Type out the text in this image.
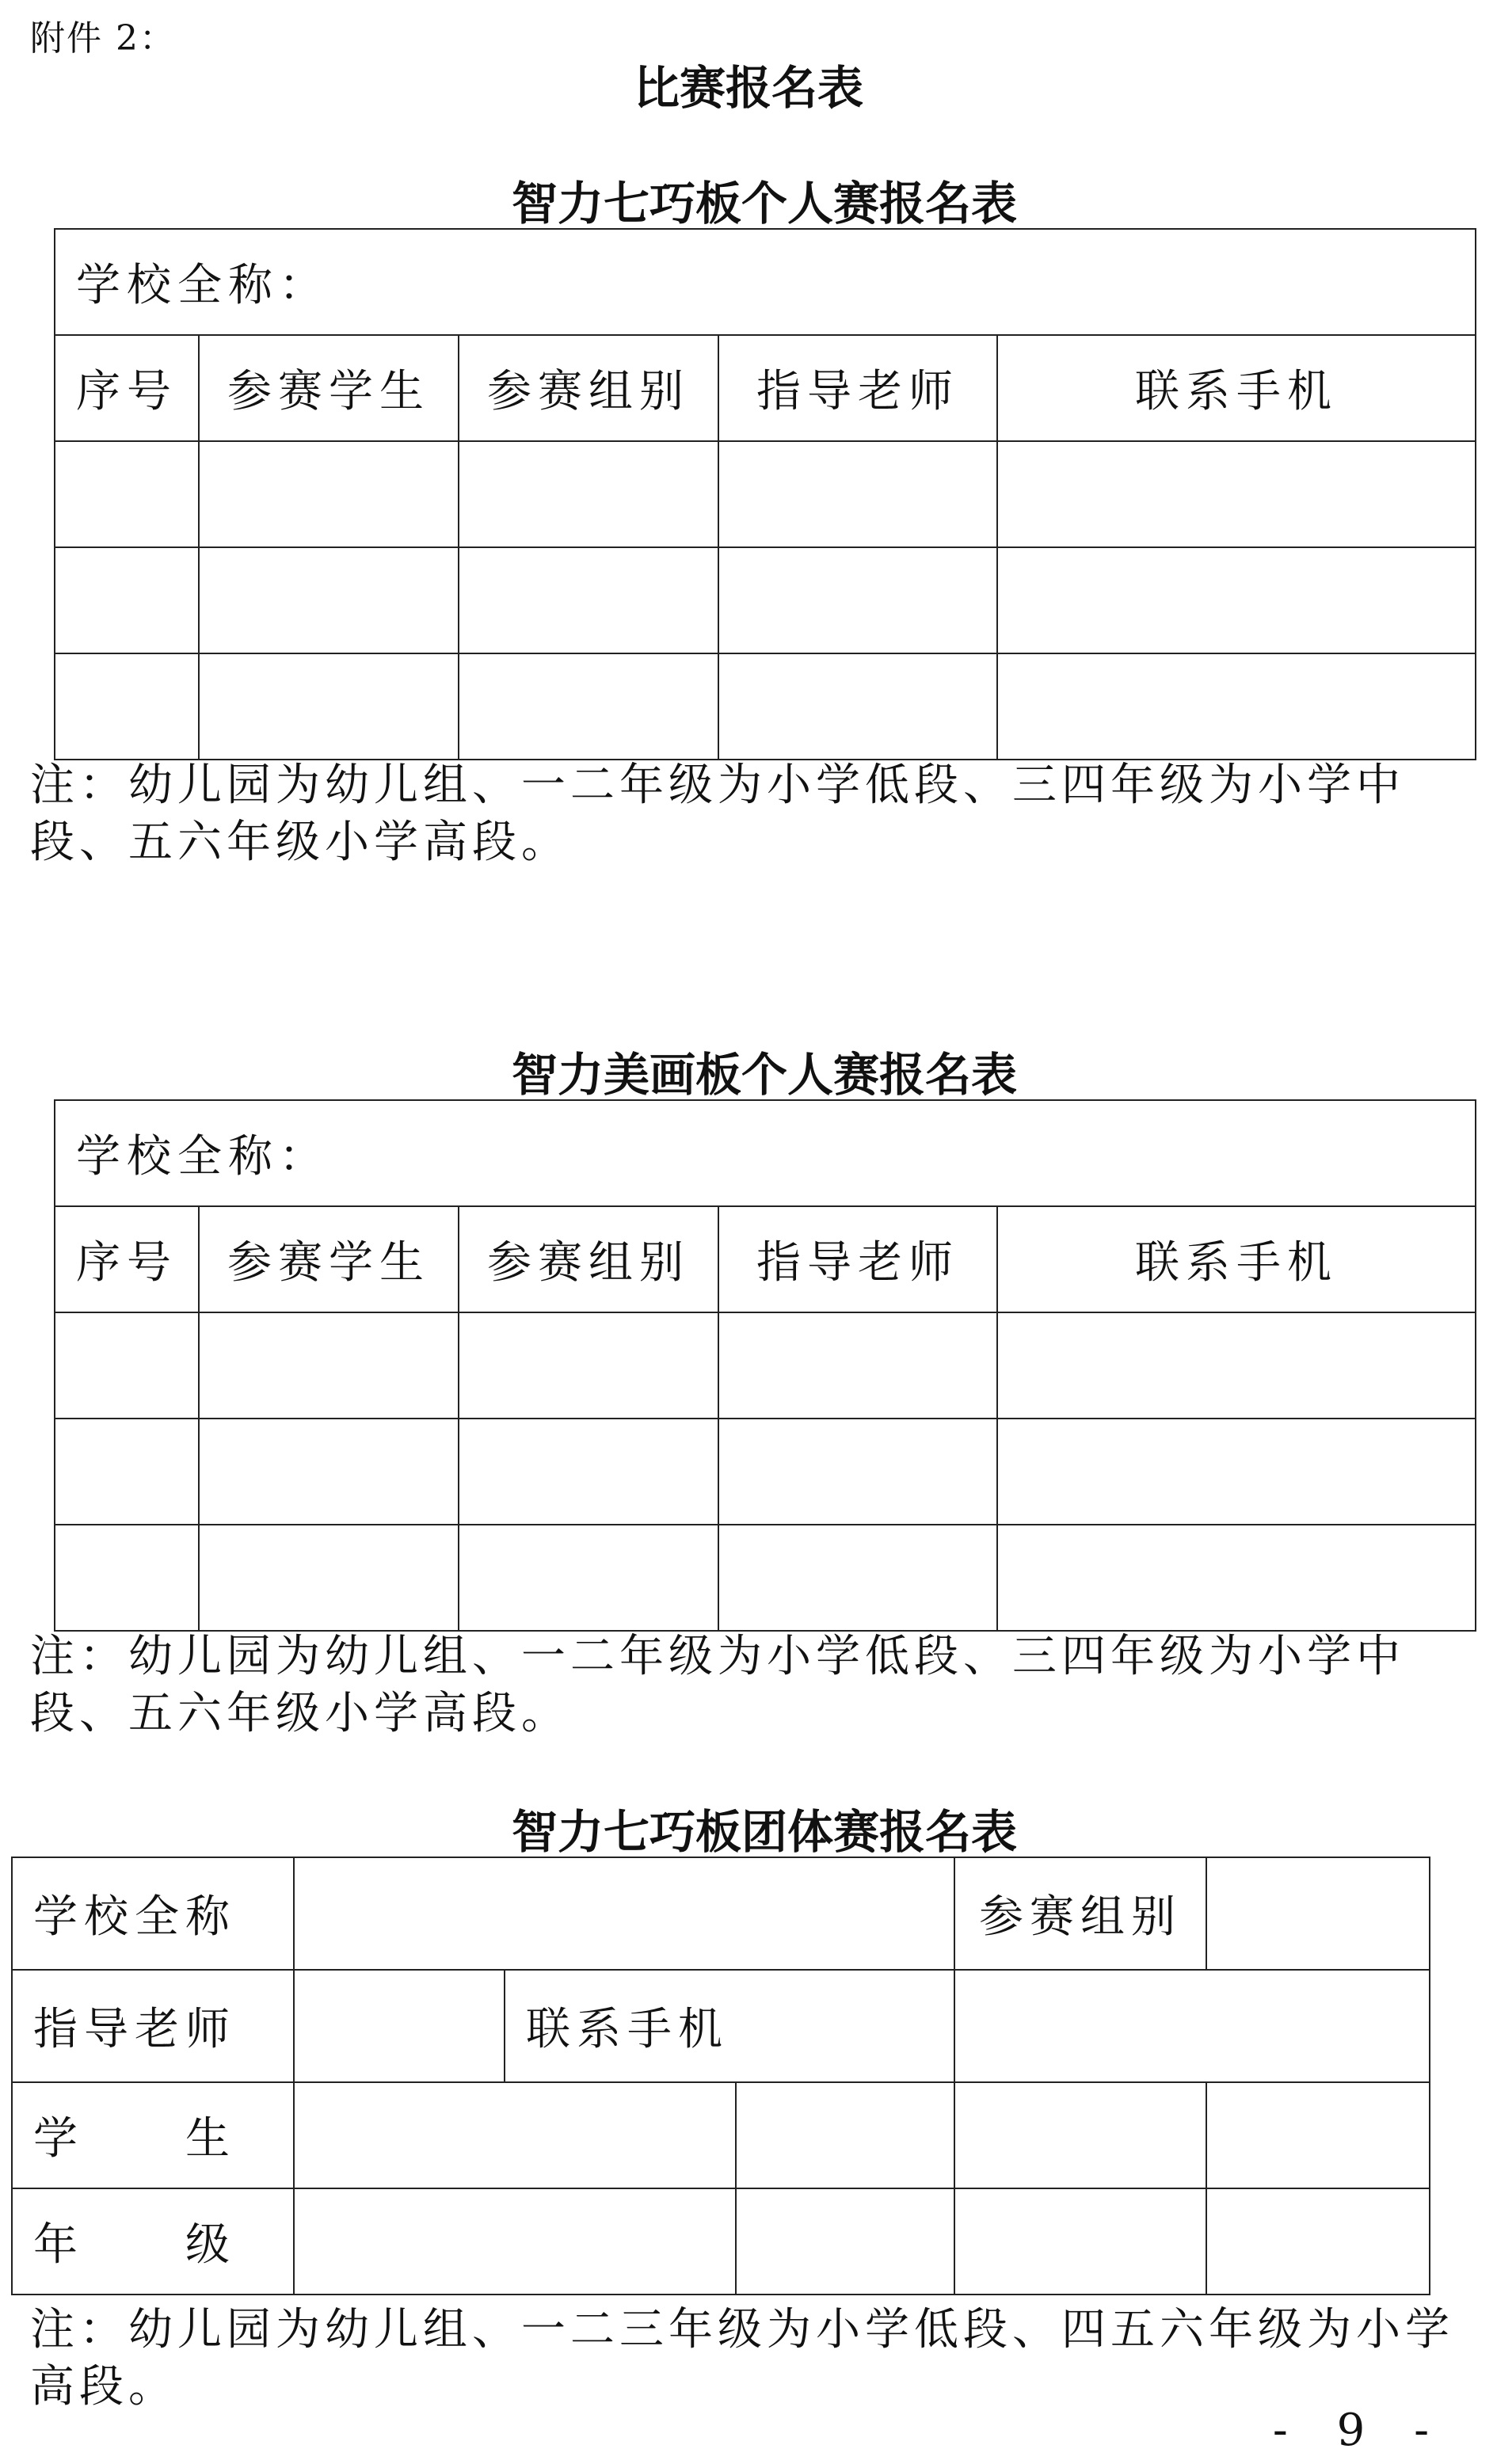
附件 2：
比赛报名表
智力七巧板个人赛报名表
学校全称：				
序号	参赛学生	参赛组别	指导老师	联系手机

注：幼儿园为幼儿组、一二年级为小学低段、三四年级为小学中段、五六年级小学高段。
智力美画板个人赛报名表
学校全称：				
序号	参赛学生	参赛组别	指导老师	联系手机

注：幼儿园为幼儿组、一二年级为小学低段、三四年级为小学中段、五六年级小学高段。
智力七巧板团体赛报名表
学校全称				参赛组别	
指导老师		联系手机			
学　　生					
年　　级					
注：幼儿园为幼儿组、一二三年级为小学低段、四五六年级为小学高段。
- 9 -
